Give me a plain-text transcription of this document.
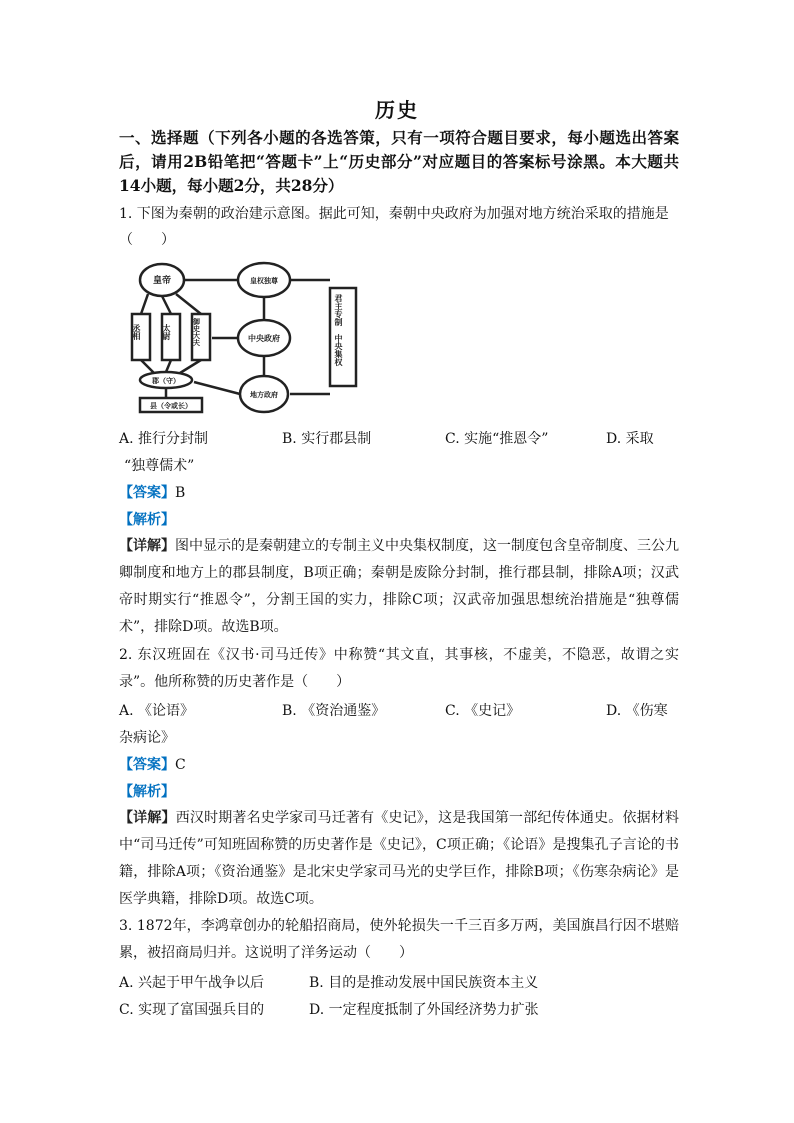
历史
一、选择题（下列各小题的各选答策，只有一项符合题目要求，每小题选出答案后，请用2B铅笔把“答题卡”上“历史部分”对应题目的答案标号涂黑。本大题共14小题，每小题2分，共28分）
1. 下图为秦朝的政治建示意图。据此可知，秦朝中央政府为加强对地方统治采取的措施是
（　　）
皇帝	皇权独尊
中央政府
地方政府
郡（守）
县（令或长）
丞相	太尉	御史大夫	君主专制　中央集权
A. 推行分封制	B. 实行郡县制	C. 实施“推恩令”	D. 采取
“独尊儒术”
【答案】B
【解析】
【详解】图中显示的是秦朝建立的专制主义中央集权制度，这一制度包含皇帝制度、三公九卿制度和地方上的郡县制度，B项正确；秦朝是废除分封制，推行郡县制，排除A项；汉武帝时期实行“推恩令”，分割王国的实力，排除C项；汉武帝加强思想统治措施是“独尊儒术”，排除D项。故选B项。
2. 东汉班固在《汉书·司马迁传》中称赞“其文直，其事核，不虚美，不隐恶，故谓之实录”。他所称赞的历史著作是（　　）
A. 《论语》	B. 《资治通鉴》	C. 《史记》	D. 《伤寒
杂病论》
【答案】C
【解析】
【详解】西汉时期著名史学家司马迁著有《史记》，这是我国第一部纪传体通史。依据材料中“司马迁传”可知班固称赞的历史著作是《史记》，C项正确；《论语》是搜集孔子言论的书籍，排除A项；《资治通鉴》是北宋史学家司马光的史学巨作，排除B项；《伤寒杂病论》是医学典籍，排除D项。故选C项。
3. 1872年，李鸿章创办的轮船招商局，使外轮损失一千三百多万两，美国旗昌行因不堪赔累，被招商局归并。这说明了洋务运动（　　）
A. 兴起于甲午战争以后	B. 目的是推动发展中国民族资本主义
C. 实现了富国强兵目的	D. 一定程度抵制了外国经济势力扩张
